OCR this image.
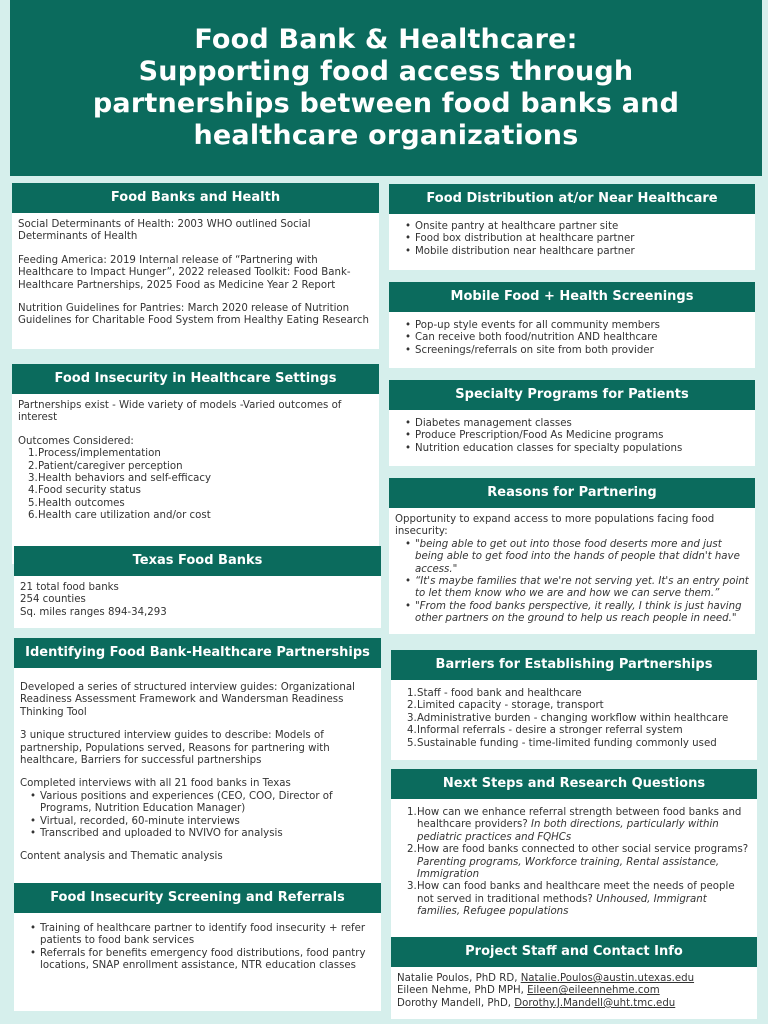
Food Bank & Healthcare:
Supporting food access through partnerships between food banks and healthcare organizations
Food Banks and Health

Social Determinants of Health: 2003 WHO outlined Social Determinants of Health

Feeding America: 2019 Internal release of “Partnering with Healthcare to Impact Hunger”, 2022 released Toolkit: Food Bank-Healthcare Partnerships, 2025 Food as Medicine Year 2 Report

Nutrition Guidelines for Pantries: March 2020 release of Nutrition Guidelines for Charitable Food System from Healthy Eating Research

Food Insecurity in Healthcare Settings

Partnerships exist - Wide variety of models -Varied outcomes of interest

Outcomes Considered:

1. Process/implementation
2. Patient/caregiver perception
3. Health behaviors and self-efficacy
4. Food security status
5. Health outcomes
6. Health care utilization and/or cost
Texas Food Banks

21 total food banks

254 counties

Sq. miles ranges 894-34,293

Identifying Food Bank-Healthcare Partnerships

Developed a series of structured interview guides: Organizational Readiness Assessment Framework and Wandersman Readiness Thinking Tool

3 unique structured interview guides to describe: Models of partnership, Populations served, Reasons for partnering with healthcare, Barriers for successful partnerships

Completed interviews with all 21 food banks in Texas

• Various positions and experiences (CEO, COO, Director of Programs, Nutrition Education Manager)
• Virtual, recorded, 60-minute interviews
• Transcribed and uploaded to NVIVO for analysis

Content analysis and Thematic analysis

Food Insecurity Screening and Referrals
• Training of healthcare partner to identify food insecurity + refer patients to food bank services
• Referrals for benefits emergency food distributions, food pantry locations, SNAP enrollment assistance, NTR education classes
Food Distribution at/or Near Healthcare
• Onsite pantry at healthcare partner site
• Food box distribution at healthcare partner
• Mobile distribution near healthcare partner
Mobile Food + Health Screenings
• Pop-up style events for all community members
• Can receive both food/nutrition AND healthcare
• Screenings/referrals on site from both provider
Specialty Programs for Patients
• Diabetes management classes
• Produce Prescription/Food As Medicine programs
• Nutrition education classes for specialty populations
Reasons for Partnering

Opportunity to expand access to more populations facing food insecurity:

• "being able to get out into those food deserts more and just being able to get food into the hands of people that didn't have access."
• “It's maybe families that we're not serving yet. It's an entry point to let them know who we are and how we can serve them.”
• "From the food banks perspective, it really, I think is just having other partners on the ground to help us reach people in need."
Barriers for Establishing Partnerships
1. Staff - food bank and healthcare
2. Limited capacity - storage, transport
3. Administrative burden - changing workflow within healthcare
4. Informal referrals - desire a stronger referral system
5. Sustainable funding - time-limited funding commonly used
Next Steps and Research Questions
1. How can we enhance referral strength between food banks and healthcare providers? In both directions, particularly within pediatric practices and FQHCs
2. How are food banks connected to other social service programs? Parenting programs, Workforce training, Rental assistance, Immigration
3. How can food banks and healthcare meet the needs of people not served in traditional methods? Unhoused, Immigrant families, Refugee populations
Project Staff and Contact Info

Natalie Poulos, PhD RD, Natalie.Poulos@austin.utexas.edu

Eileen Nehme, PhD MPH, Eileen@eileennehme.com

Dorothy Mandell, PhD, Dorothy.J.Mandell@uht.tmc.edu
